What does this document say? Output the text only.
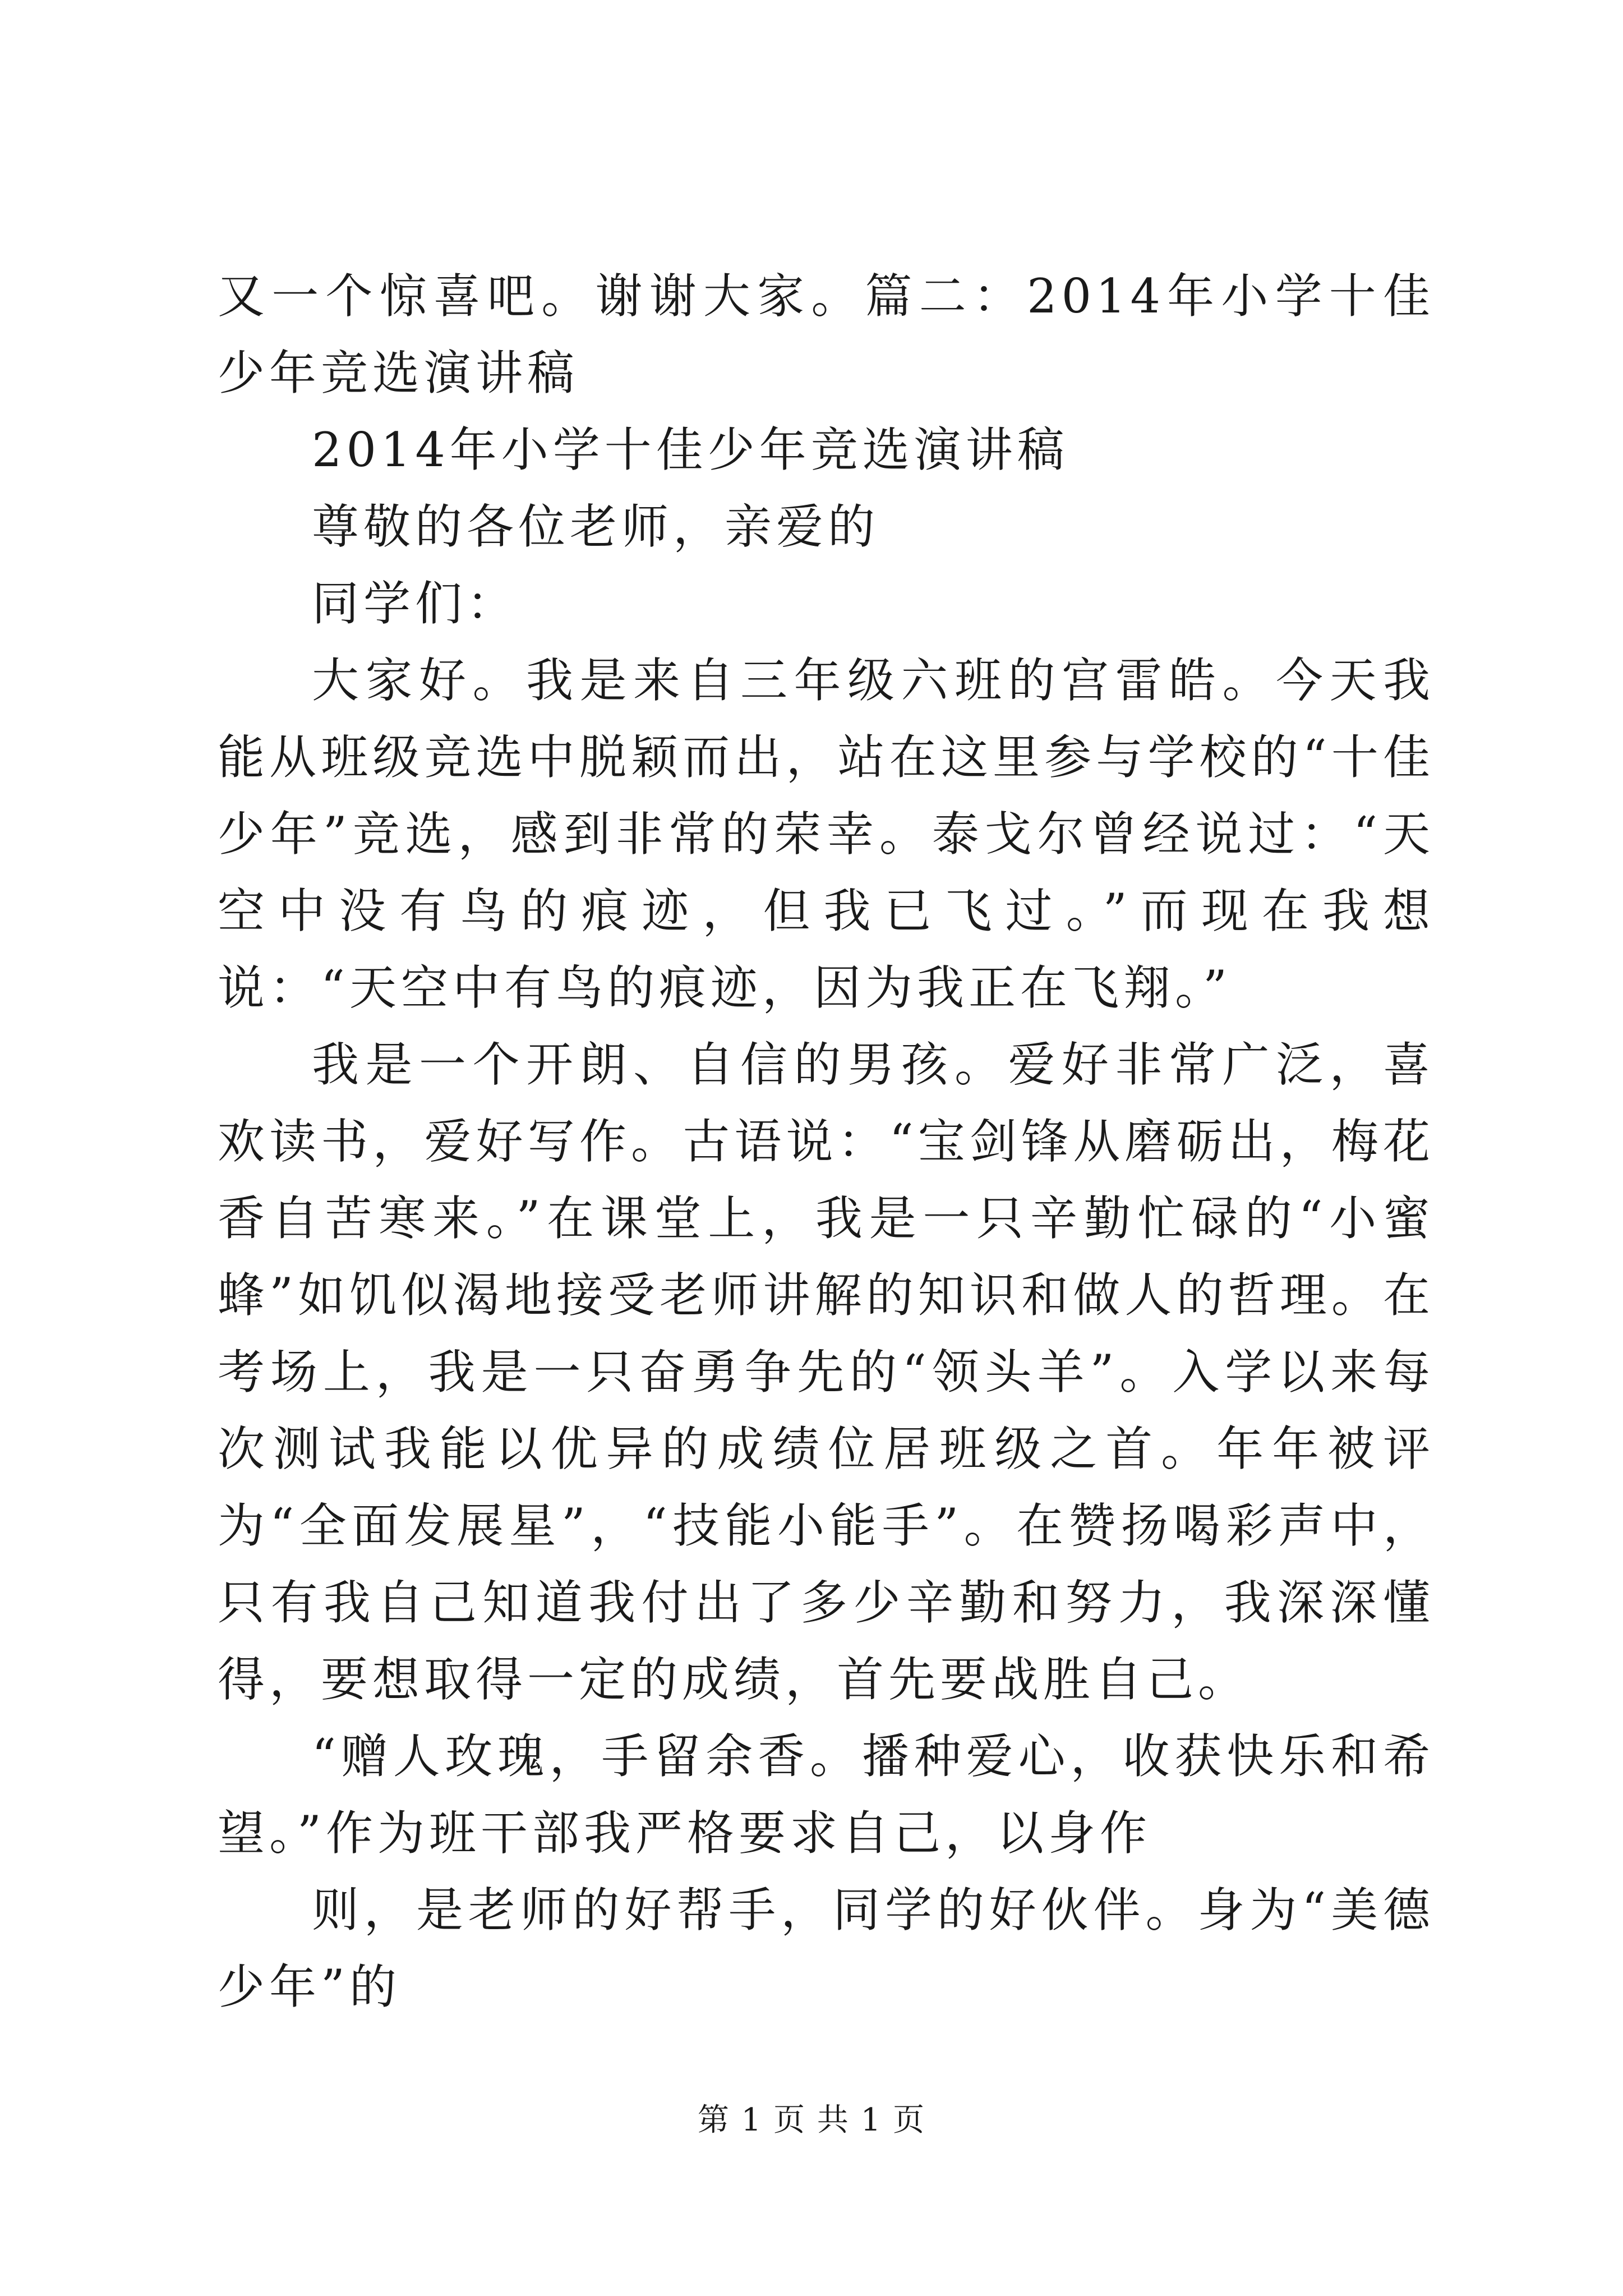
又一个惊喜吧。谢谢大家。篇二：2014年小学十佳少年竞选演讲稿

2014年小学十佳少年竞选演讲稿

尊敬的各位老师，亲爱的

同学们：

大家好。我是来自三年级六班的宫雷皓。今天我能从班级竞选中脱颖而出，站在这里参与学校的“十佳少年”竞选，感到非常的荣幸。泰戈尔曾经说过：“天空中没有鸟的痕迹，但我已飞过。”而现在我想说：“天空中有鸟的痕迹，因为我正在飞翔。”

我是一个开朗、自信的男孩。爱好非常广泛，喜欢读书，爱好写作。古语说：“宝剑锋从磨砺出，梅花香自苦寒来。”在课堂上，我是一只辛勤忙碌的“小蜜蜂”如饥似渴地接受老师讲解的知识和做人的哲理。在考场上，我是一只奋勇争先的“领头羊”。入学以来每次测试我能以优异的成绩位居班级之首。年年被评为“全面发展星”，“技能小能手”。在赞扬喝彩声中，只有我自己知道我付出了多少辛勤和努力，我深深懂得，要想取得一定的成绩，首先要战胜自己。

“赠人玫瑰，手留余香。播种爱心，收获快乐和希望。”作为班干部我严格要求自己，以身作

则，是老师的好帮手，同学的好伙伴。身为“美德少年”的

第 1 页 共 1 页
